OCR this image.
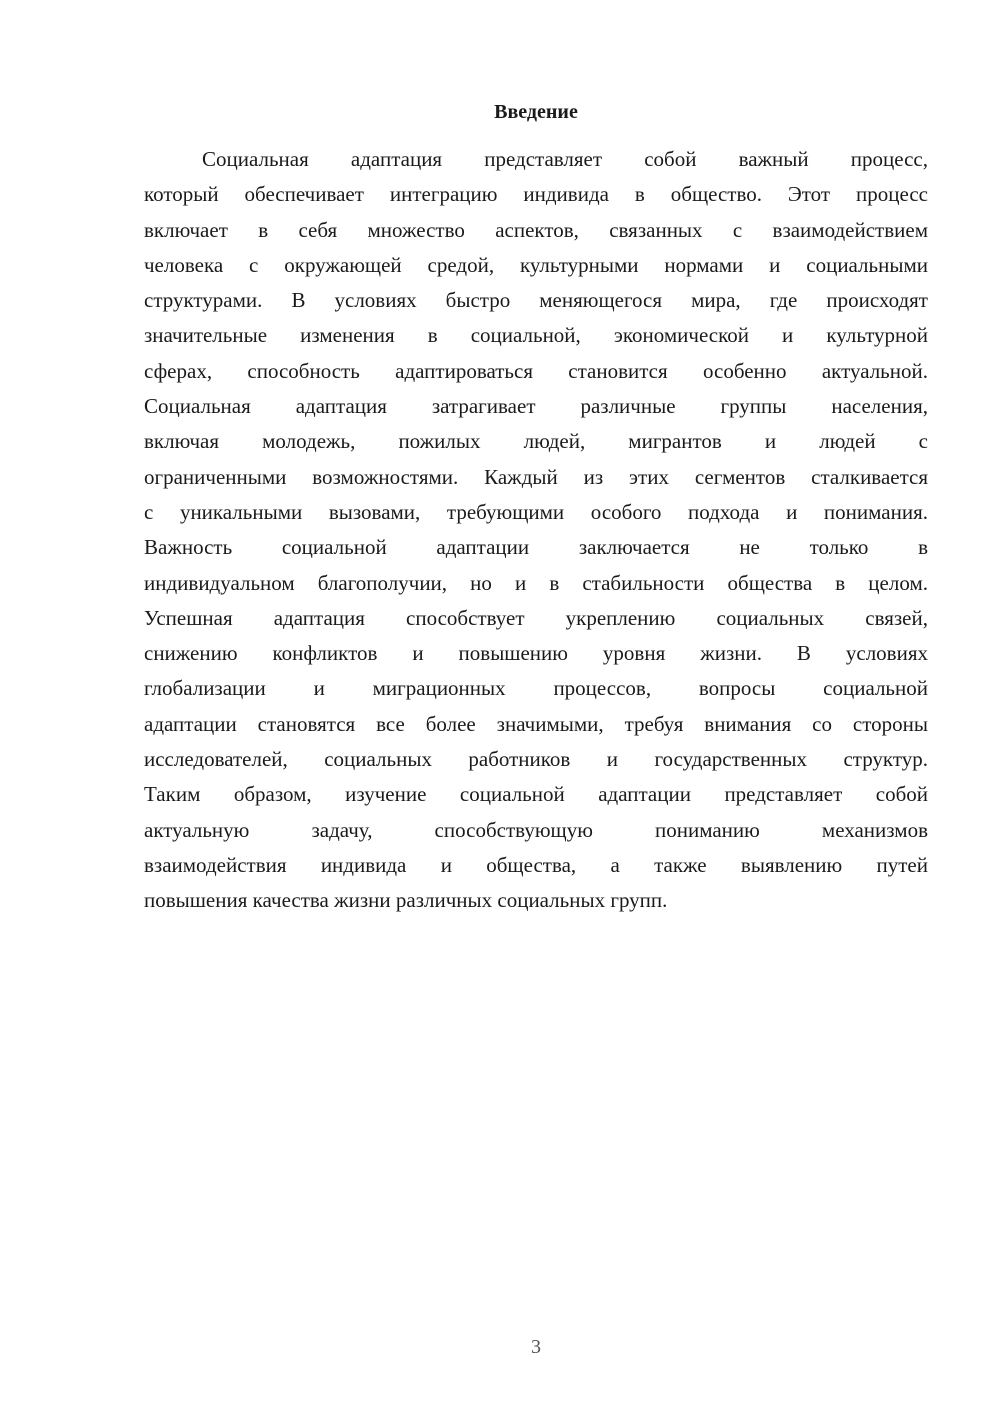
Введение
Социальная адаптация представляет собой важный процесс,
который обеспечивает интеграцию индивида в общество. Этот процесс
включает в себя множество аспектов, связанных с взаимодействием
человека с окружающей средой, культурными нормами и социальными
структурами. В условиях быстро меняющегося мира, где происходят
значительные изменения в социальной, экономической и культурной
сферах, способность адаптироваться становится особенно актуальной.
Социальная адаптация затрагивает различные группы населения,
включая молодежь, пожилых людей, мигрантов и людей с
ограниченными возможностями. Каждый из этих сегментов сталкивается
с уникальными вызовами, требующими особого подхода и понимания.
Важность социальной адаптации заключается не только в
индивидуальном благополучии, но и в стабильности общества в целом.
Успешная адаптация способствует укреплению социальных связей,
снижению конфликтов и повышению уровня жизни. В условиях
глобализации и миграционных процессов, вопросы социальной
адаптации становятся все более значимыми, требуя внимания со стороны
исследователей, социальных работников и государственных структур.
Таким образом, изучение социальной адаптации представляет собой
актуальную задачу, способствующую пониманию механизмов
взаимодействия индивида и общества, а также выявлению путей
повышения качества жизни различных социальных групп.
3
